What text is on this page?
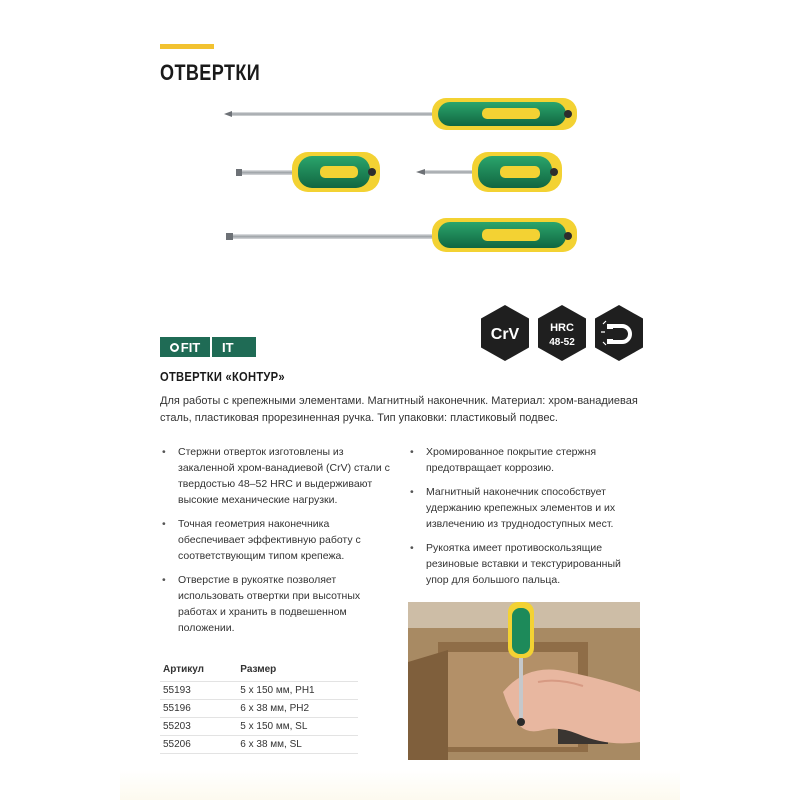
ОТВЕРТКИ
CrV	HRC
48-52
FIT	IT
ОТВЕРТКИ «КОНТУР»
Для работы с крепежными элементами. Магнитный наконечник. Материал: хром-ванадиевая сталь, пластиковая прорезиненная ручка. Тип упаковки: пластиковый подвес.
• Стержни отверток изготовлены из закаленной хром-ванадиевой (CrV) стали с твердостью 48–52 HRC и выдерживают высокие механические нагрузки.
• Точная геометрия наконечника обеспечивает эффективную работу с соответствующим типом крепежа.
• Отверстие в рукоятке позволяет использовать отвертки при высотных работах и хранить в подвешенном положении.
• Хромированное покрытие стержня предотвращает коррозию.
• Магнитный наконечник способствует удержанию крепежных элементов и их извлечению из труднодоступных мест.
• Рукоятка имеет противоскользящие резиновые вставки и текстурированный упор для большого пальца.
Артикул	Размер
55193	5 х 150 мм, PH1
55196	6 х 38 мм, PH2
55203	5 х 150 мм, SL
55206	6 х 38 мм, SL
